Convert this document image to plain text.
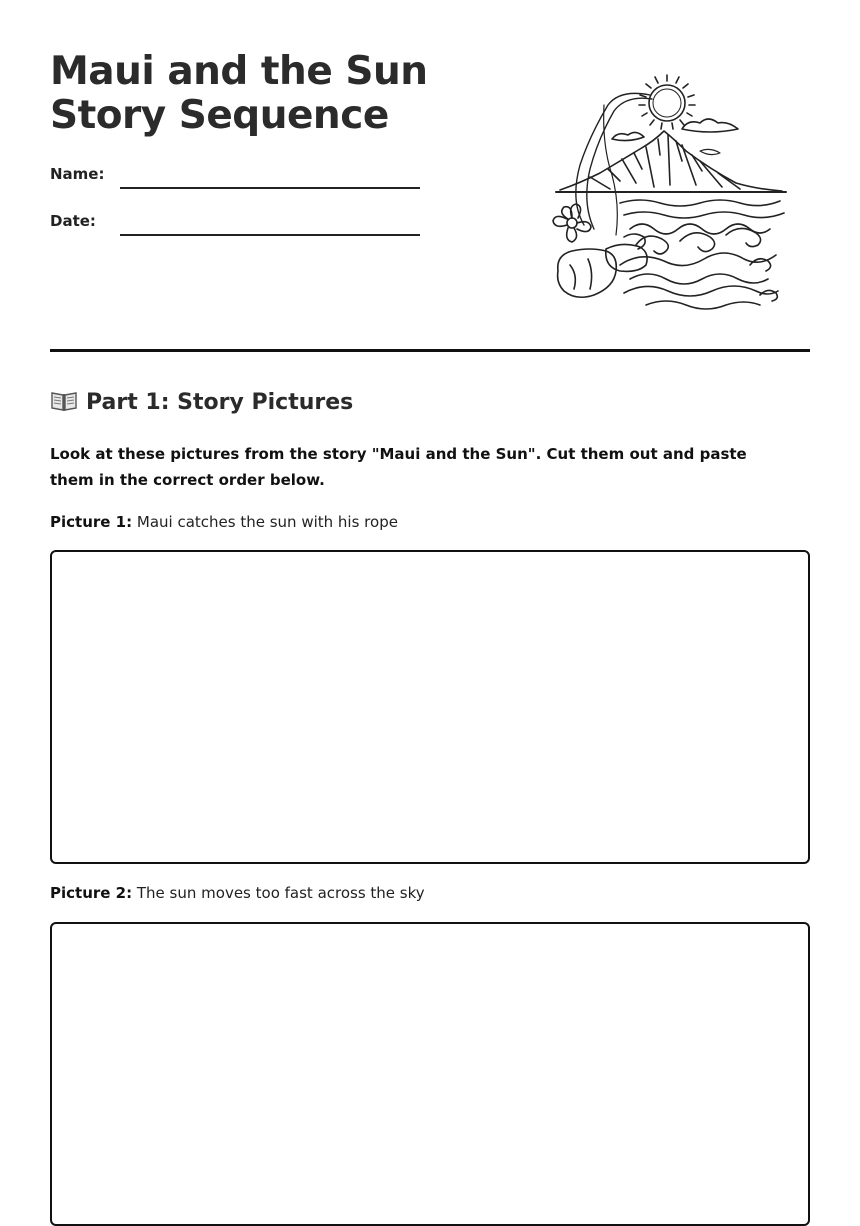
Maui and the Sun Story Sequence
Name:
Date:
Part 1: Story Pictures

Look at these pictures from the story "Maui and the Sun". Cut them out and paste them in the correct order below.

Picture 1: Maui catches the sun with his rope
Picture 2: The sun moves too fast across the sky
